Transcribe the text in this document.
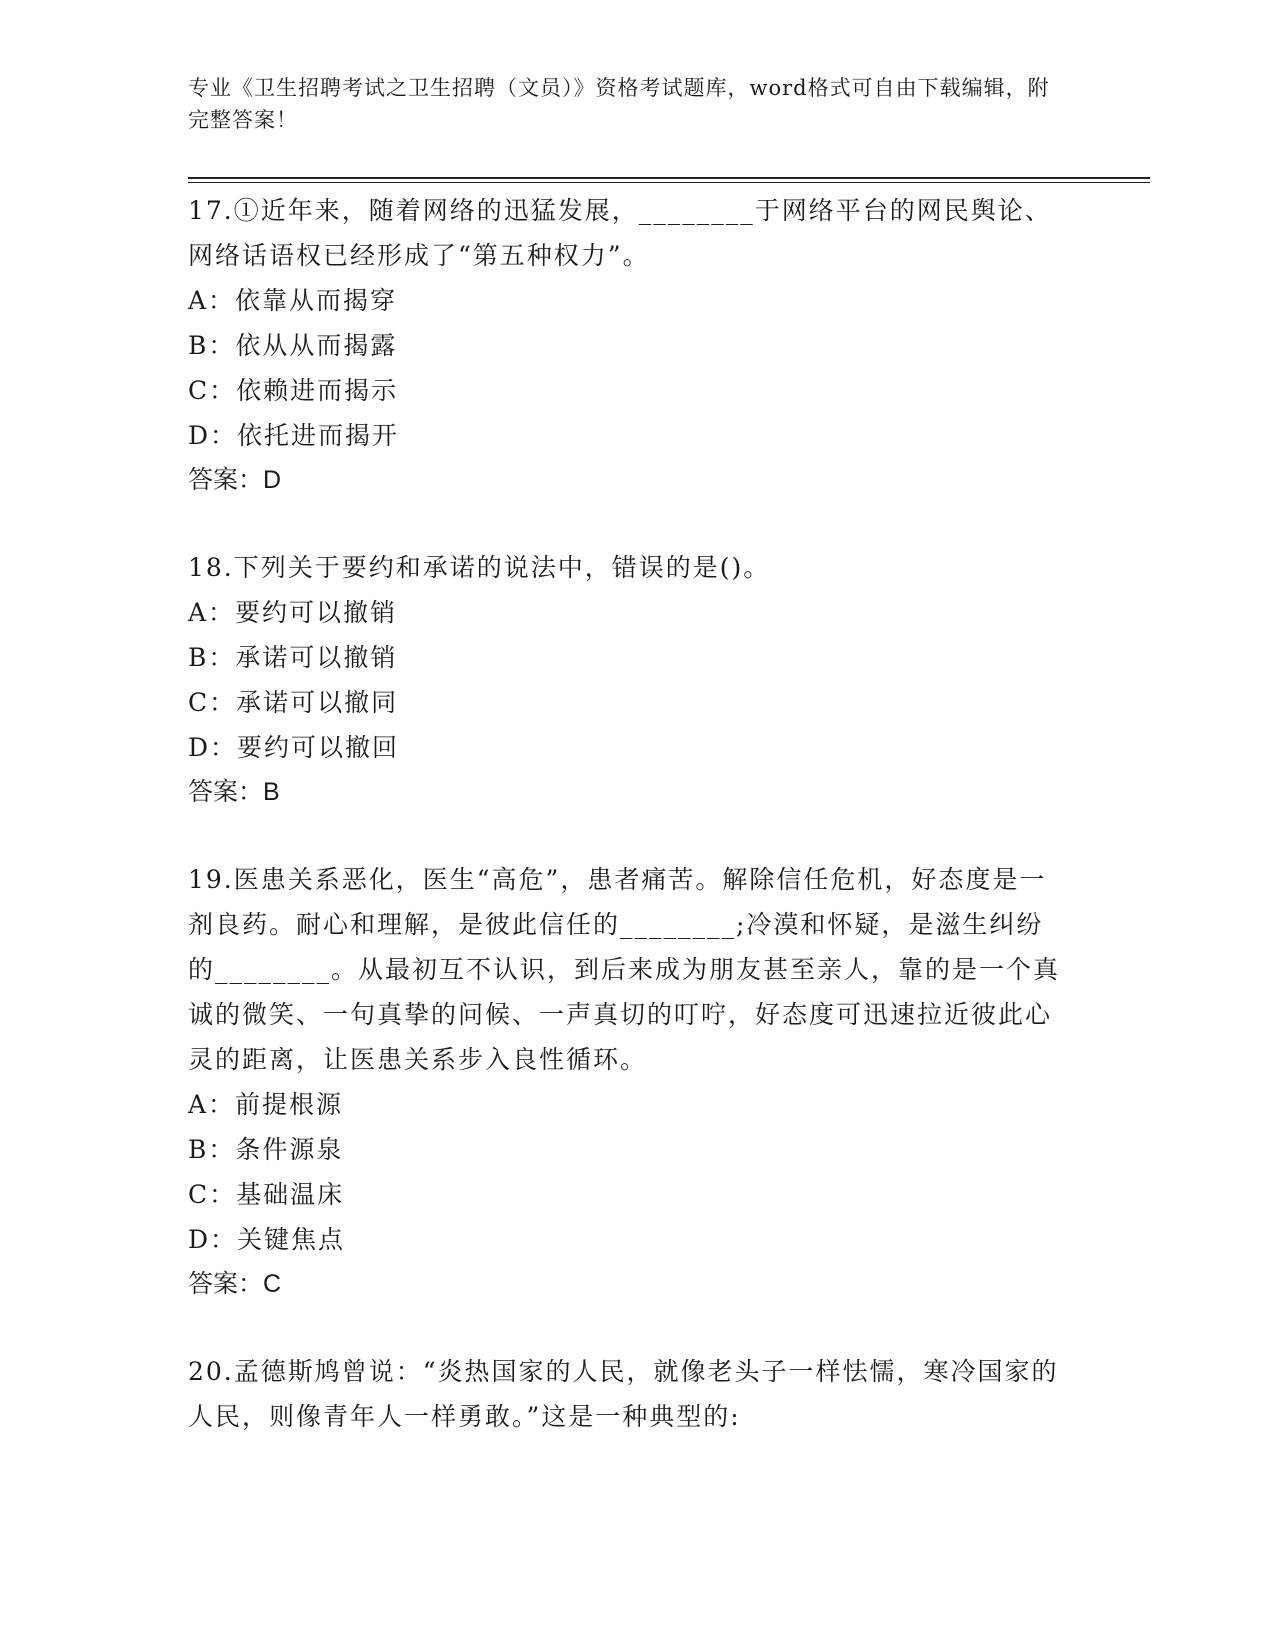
专业《卫生招聘考试之卫生招聘（文员）》资格考试题库，word格式可自由下载编辑，附完整答案！

17.①近年来，随着网络的迅猛发展，________于网络平台的网民舆论、网络话语权已经形成了“第五种权力”。

A：依靠从而揭穿

B：依从从而揭露

C：依赖进而揭示

D：依托进而揭开

答案：D

18.下列关于要约和承诺的说法中，错误的是()。

A：要约可以撤销

B：承诺可以撤销

C：承诺可以撤同

D：要约可以撤回

答案：B

19.医患关系恶化，医生“高危”，患者痛苦。解除信任危机，好态度是一剂良药。耐心和理解，是彼此信任的________;冷漠和怀疑，是滋生纠纷的________。从最初互不认识，到后来成为朋友甚至亲人，靠的是一个真诚的微笑、一句真挚的问候、一声真切的叮咛，好态度可迅速拉近彼此心灵的距离，让医患关系步入良性循环。

A：前提根源

B：条件源泉

C：基础温床

D：关键焦点

答案：C

20.孟德斯鸠曾说：“炎热国家的人民，就像老头子一样怯懦，寒冷国家的人民，则像青年人一样勇敢。”这是一种典型的:
